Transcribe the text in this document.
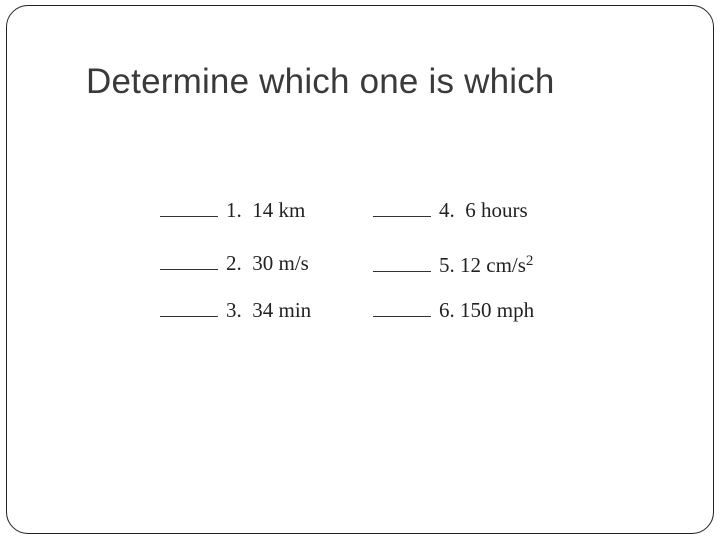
Determine which one is which
1. 14 km
2. 30 m/s
3. 34 min
4. 6 hours
5. 12 $cm/s^2$
6. 150 mph
